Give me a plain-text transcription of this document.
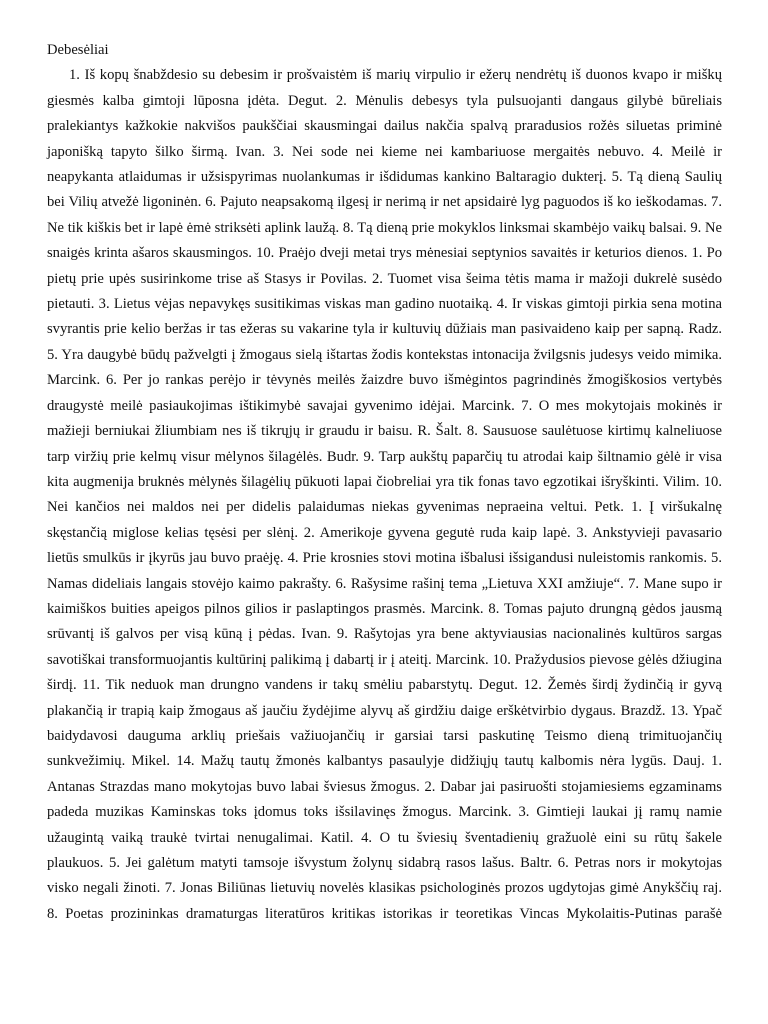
Debesėliai

1. Iš kopų šnabždesio su debesim ir prošvaistėm iš marių virpulio ir ežerų nendrėtų iš duonos kvapo ir miškų giesmės kalba gimtoji lūposna įdėta. Degut. 2. Mėnulis debesys tyla pulsuojanti dangaus gilybė būreliais pralekiantys kažkokie nakvišos paukščiai skausmingai dailus nakčia spalvą praradusios rožės siluetas priminė japonišką tapyto šilko širmą. Ivan. 3. Nei sode nei kieme nei kambariuose mergaitės nebuvo. 4. Meilė ir neapykanta atlaidumas ir užsispyrimas nuolankumas ir išdidumas kankino Baltaragio dukterį. 5. Tą dieną Saulių bei Vilių atvežė ligoninėn. 6. Pajuto neapsakomą ilgesį ir nerimą ir net apsidairė lyg paguodos iš ko ieškodamas. 7. Ne tik kiškis bet ir lapė ėmė striksėti aplink laužą. 8. Tą dieną prie mokyklos linksmai skambėjo vaikų balsai. 9. Ne snaigės krinta ašaros skausmingos. 10. Praėjo dveji metai trys mėnesiai septynios savaitės ir keturios dienos. 1. Po pietų prie upės susirinkome trise aš Stasys ir Povilas. 2. Tuomet visa šeima tėtis mama ir mažoji dukrelė susėdo pietauti. 3. Lietus vėjas nepavykęs susitikimas viskas man gadino nuotaiką. 4. Ir viskas gimtoji pirkia sena motina svyrantis prie kelio beržas ir tas ežeras su vakarine tyla ir kultuvių dūžiais man pasivaideno kaip per sapną. Radz. 5. Yra daugybė būdų pažvelgti į žmogaus sielą ištartas žodis kontekstas intonacija žvilgsnis judesys veido mimika. Marcink. 6. Per jo rankas perėjo ir tėvynės meilės žaizdre buvo išmėgintos pagrindinės žmogiškosios vertybės draugystė meilė pasiaukojimas ištikimybė savajai gyvenimo idėjai. Marcink. 7. O mes mokytojais mokinės ir mažieji berniukai žliumbiam nes iš tikrųjų ir graudu ir baisu. R. Šalt. 8. Sausuose saulėtuose kirtimų kalneliuose tarp viržių prie kelmų visur mėlynos šilagėlės. Budr. 9. Tarp aukštų paparčių tu atrodai kaip šiltnamio gėlė ir visa kita augmenija bruknės mėlynės šilagėlių pūkuoti lapai čiobreliai yra tik fonas tavo egzotikai išryškinti. Vilim. 10. Nei kančios nei maldos nei per didelis palaidumas niekas gyvenimas nepraeina veltui. Petk. 1. Į viršukalnę skęstančią miglose kelias tęsėsi per slėnį. 2. Amerikoje gyvena gegutė ruda kaip lapė. 3. Ankstyvieji pavasario lietūs smulkūs ir įkyrūs jau buvo praėję. 4. Prie krosnies stovi motina išbalusi išsigandusi nuleistomis rankomis. 5. Namas dideliais langais stovėjo kaimo pakrašty. 6. Rašysime rašinį tema „Lietuva XXI amžiuje“. 7. Mane supo ir kaimiškos buities apeigos pilnos gilios ir paslaptingos prasmės. Marcink. 8. Tomas pajuto drungną gėdos jausmą srūvantį iš galvos per visą kūną į pėdas. Ivan. 9. Rašytojas yra bene aktyviausias nacionalinės kultūros sargas savotiškai transformuojantis kultūrinį palikimą į dabartį ir į ateitį. Marcink. 10. Pražydusios pievose gėlės džiugina širdį. 11. Tik neduok man drungno vandens ir takų smėliu pabarstytų. Degut. 12. Žemės širdį žydinčią ir gyvą plakančią ir trapią kaip žmogaus aš jaučiu žydėjime alyvų aš girdžiu daige erškėtvirbio dygaus. Brazdž. 13. Ypač baidydavosi dauguma arklių priešais važiuojančių ir garsiai tarsi paskutinę Teismo dieną trimituojančių sunkvežimių. Mikel. 14. Mažų tautų žmonės kalbantys pasaulyje didžiųjų tautų kalbomis nėra lygūs. Dauj. 1. Antanas Strazdas mano mokytojas buvo labai šviesus žmogus. 2. Dabar jai pasiruošti stojamiesiems egzaminams padeda muzikas Kaminskas toks įdomus toks išsilavinęs žmogus. Marcink. 3. Gimtieji laukai jį ramų namie užaugintą vaiką traukė tvirtai nenugalimai. Katil. 4. O tu šviesių šventadienių gražuolė eini su rūtų šakele plaukuos. 5. Jei galėtum matyti tamsoje išvystum žolynų sidabrą rasos lašus. Baltr. 6. Petras nors ir mokytojas visko negali žinoti. 7. Jonas Biliūnas lietuvių novelės klasikas psichologinės prozos ugdytojas gimė Anykščių raj. 8. Poetas prozininkas dramaturgas literatūros kritikas istorikas ir teoretikas Vincas Mykolaitis-Putinas parašė
